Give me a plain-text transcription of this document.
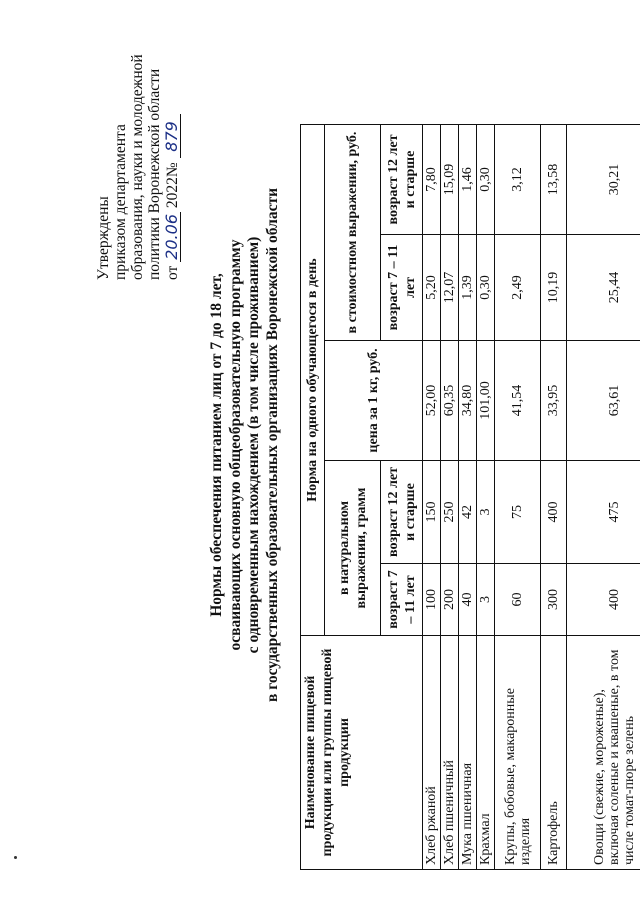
Утверждены приказом департамента образования, науки и молодежной политики Воронежской области от 20.06 2022№ 879
Нормы обеспечения питанием лиц от 7 до 18 лет, осваивающих основную общеобразовательную программу с одновременным нахождением (в том числе проживанием) в государственных образовательных организациях Воронежской области
Наименование пищевой продукции или группы пищевой продукции	Норма на одного обучающегося в день				
	в натуральном выражении, грамм		цена за 1 кг, руб.	в стоимостном выражении, руб.	
	возраст 7 – 11 лет	возраст 12 лет и старше		возраст 7 – 11 лет	возраст 12 лет и старше
Хлеб ржаной	100	150	52,00	5,20	7,80
Хлеб пшеничный	200	250	60,35	12,07	15,09
Мука пшеничная	40	42	34,80	1,39	1,46
Крахмал	3	3	101,00	0,30	0,30
Крупы, бобовые, макаронные изделия	60	75	41,54	2,49	3,12
Картофель	300	400	33,95	10,19	13,58
Овощи (свежие, мороженые), включая соленые и квашеные, в том числе томат-пюре зелень	400	475	63,61	25,44	30,21
